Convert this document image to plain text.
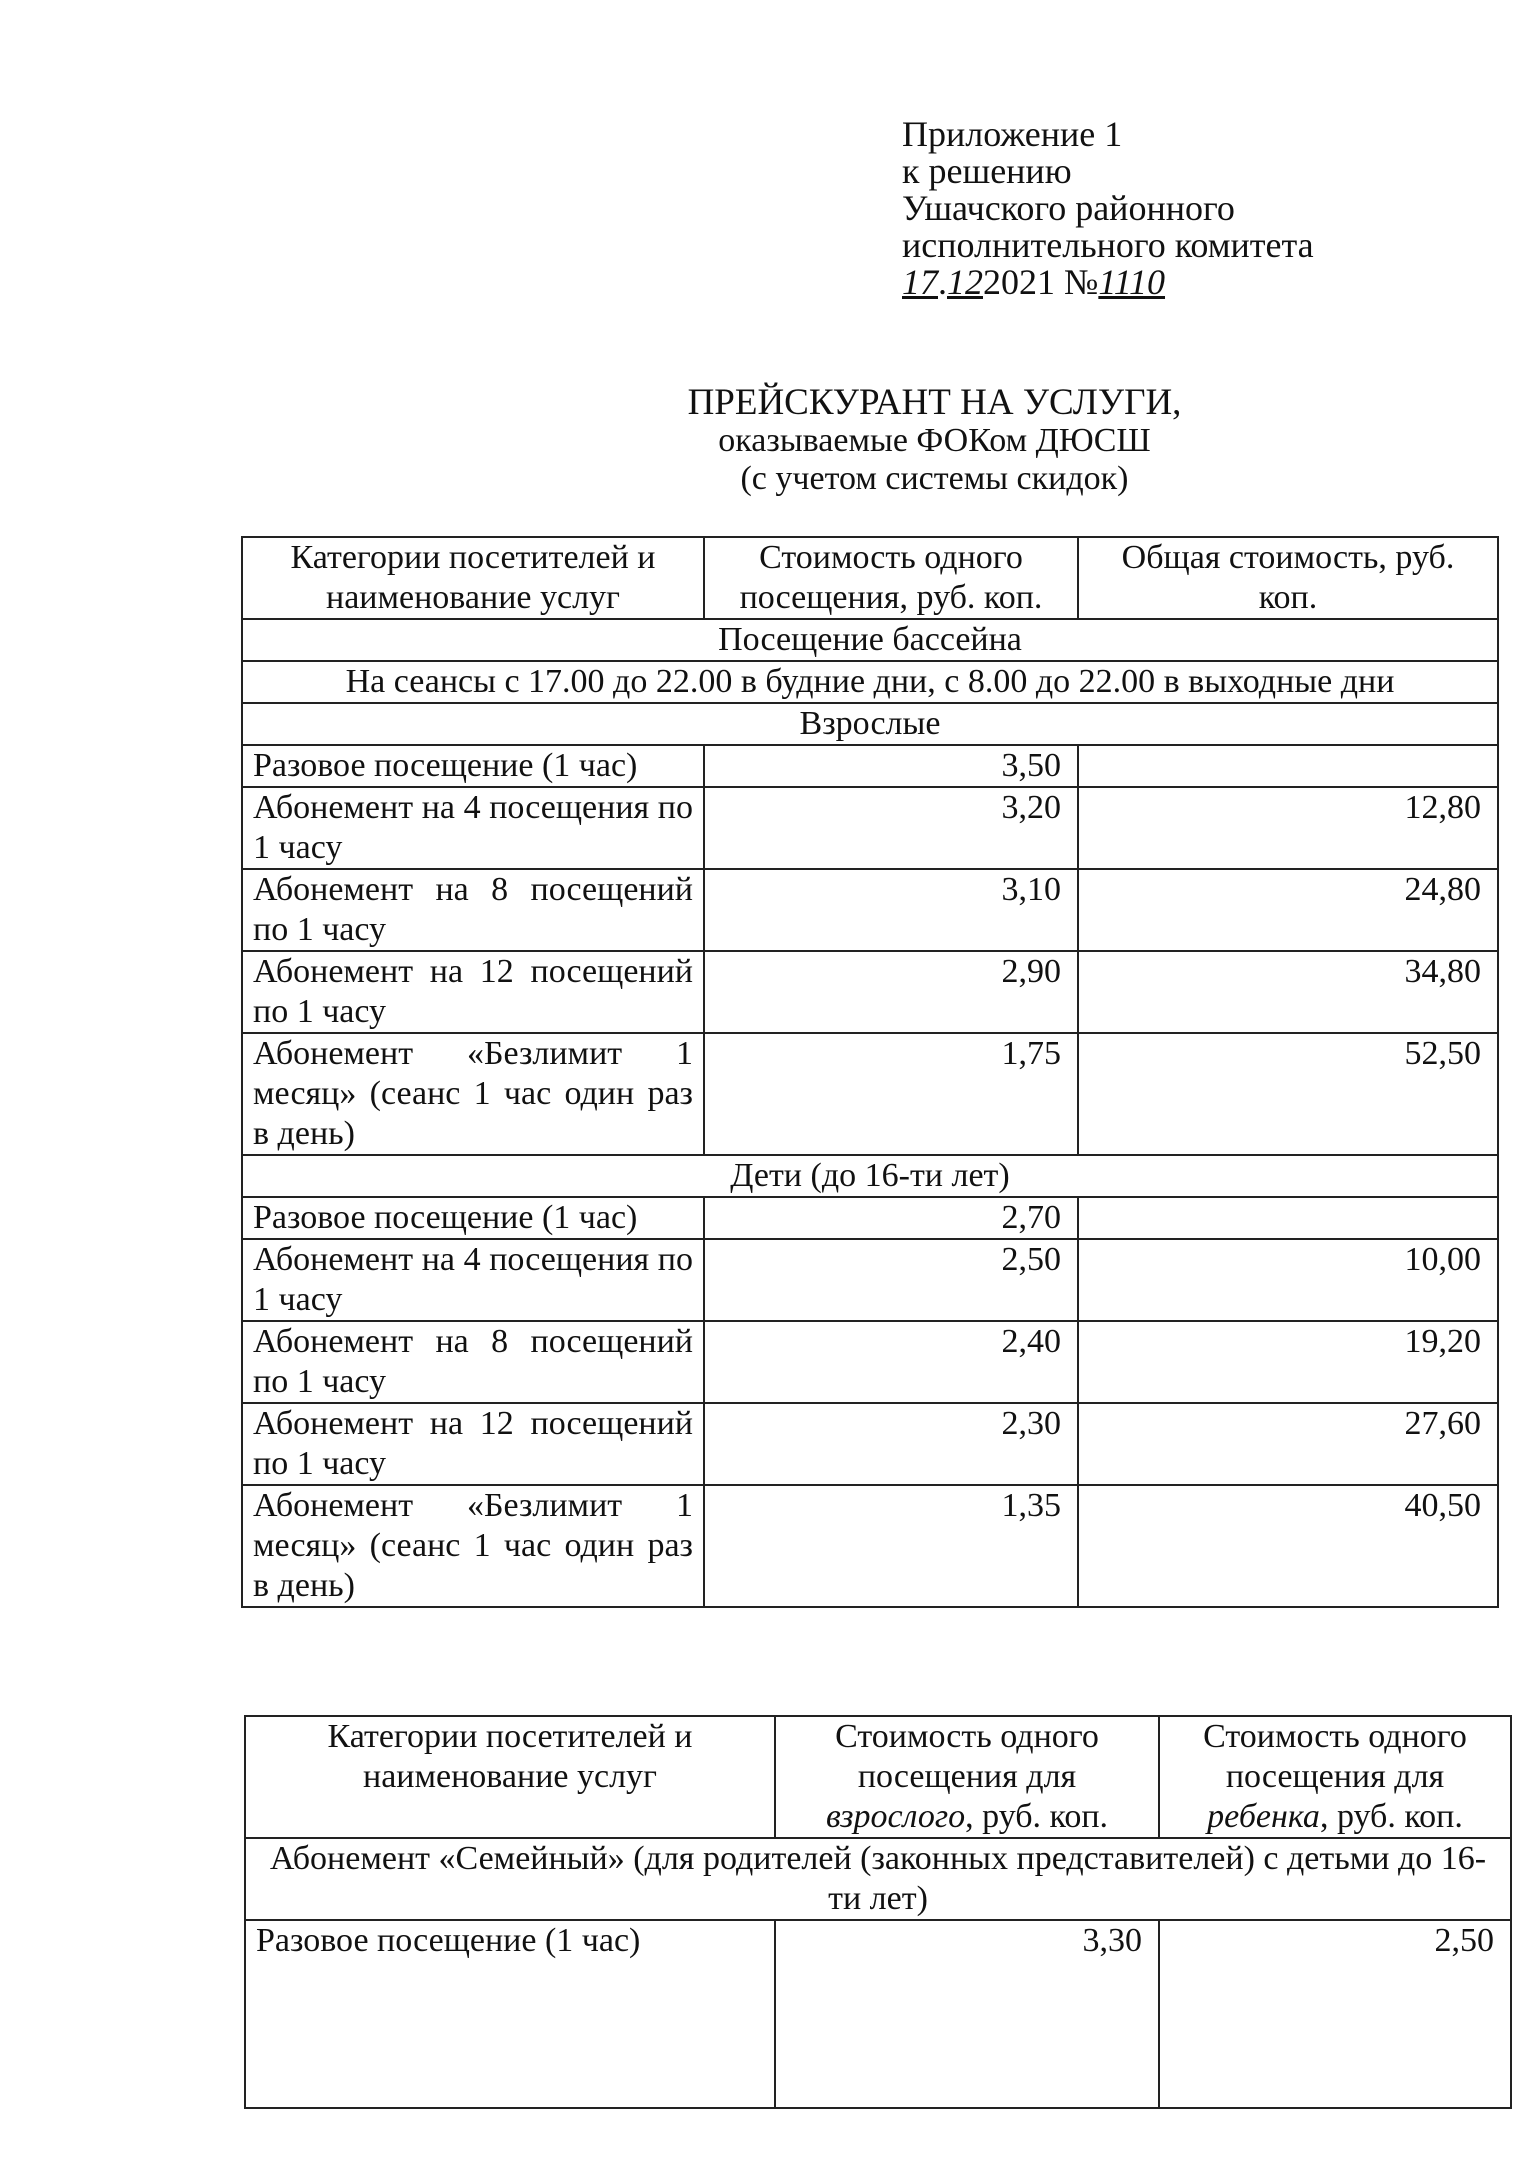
Приложение 1
к решению
Ушачского районного
исполнительного комитета
17.122021 №1110
ПРЕЙСКУРАНТ НА УСЛУГИ,
оказываемые ФОКом ДЮСШ
(с учетом системы скидок)
Категории посетителей и наименование услуг	Стоимость одного посещения, руб. коп.	Общая стоимость, руб. коп.
Посещение бассейна		
На сеансы с 17.00 до 22.00 в будние дни, с 8.00 до 22.00 в выходные дни		
Взрослые		
Разовое посещение (1 час)	3,50	
Абонемент на 4 посещения по 1 часу	3,20	12,80
Абонемент на 8 посещений по 1 часу	3,10	24,80
Абонемент на 12 посещений по 1 часу	2,90	34,80
Абонемент «Безлимит 1 месяц» (сеанс 1 час один раз в день)	1,75	52,50
Дети (до 16-ти лет)		
Разовое посещение (1 час)	2,70	
Абонемент на 4 посещения по 1 часу	2,50	10,00
Абонемент на 8 посещений по 1 часу	2,40	19,20
Абонемент на 12 посещений по 1 часу	2,30	27,60
Абонемент «Безлимит 1 месяц» (сеанс 1 час один раз в день)	1,35	40,50
Категории посетителей и наименование услуг	Стоимость одного посещения для взрослого, руб. коп.	Стоимость одного посещения для ребенка, руб. коп.
Абонемент «Семейный» (для родителей (законных представителей) с детьми до 16-ти лет)		
Разовое посещение (1 час)	3,30	2,50
